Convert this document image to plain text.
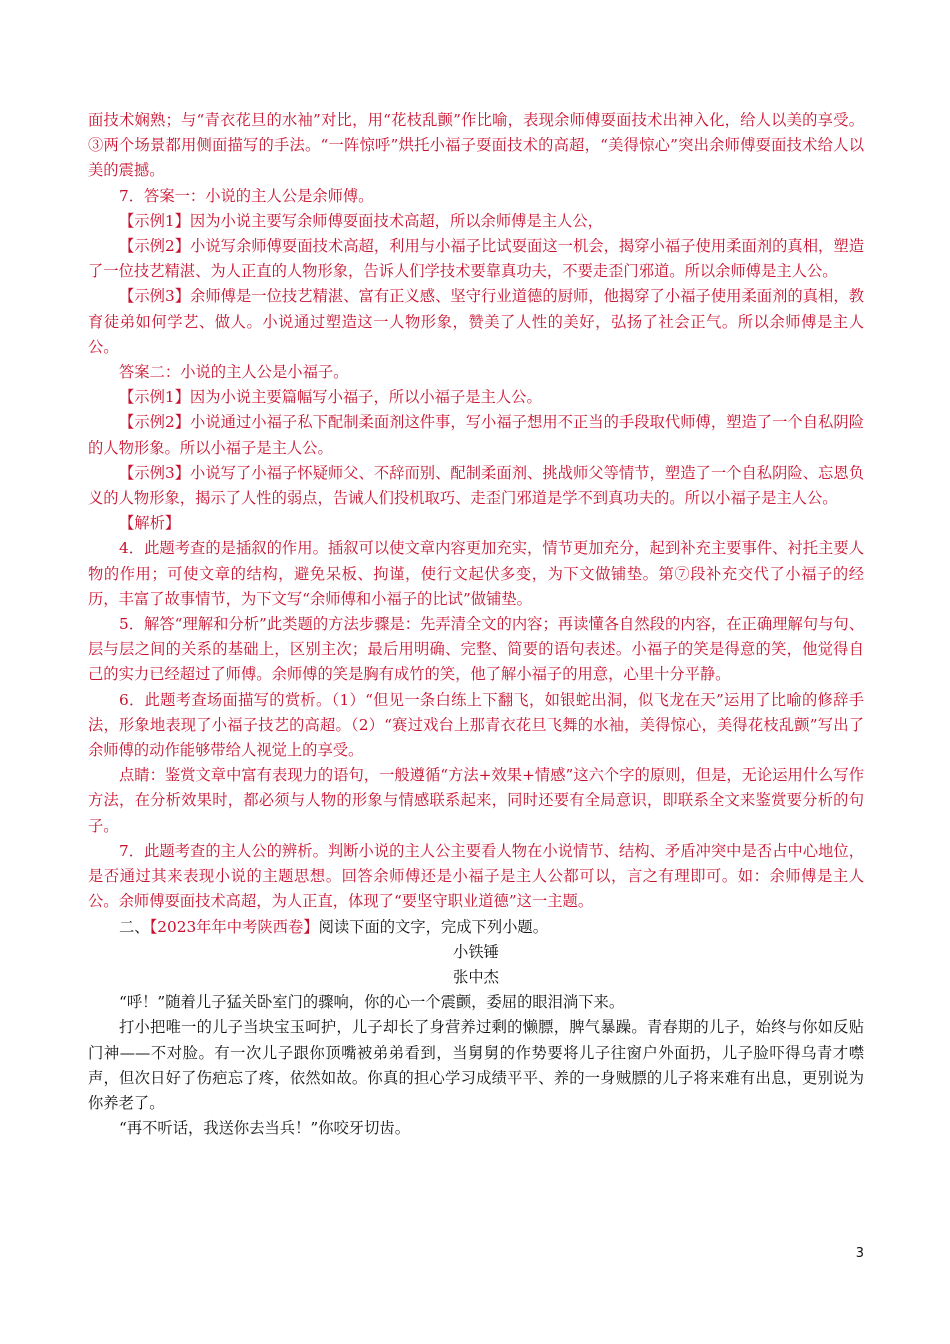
面技术娴熟；与“青衣花旦的水袖”对比，用“花枝乱颤”作比喻，表现余师傅耍面技术出神入化，给人以美的享受。③两个场景都用侧面描写的手法。“一阵惊呼”烘托小福子耍面技术的高超，“美得惊心”突出余师傅耍面技术给人以美的震撼。

7．答案一：小说的主人公是余师傅。

【示例1】因为小说主要写余师傅耍面技术高超，所以余师傅是主人公，

【示例2】小说写余师傅耍面技术高超，利用与小福子比试耍面这一机会，揭穿小福子使用柔面剂的真相，塑造了一位技艺精湛、为人正直的人物形象，告诉人们学技术要靠真功夫，不要走歪门邪道。所以余师傅是主人公。

【示例3】余师傅是一位技艺精湛、富有正义感、坚守行业道德的厨师，他揭穿了小福子使用柔面剂的真相，教育徒弟如何学艺、做人。小说通过塑造这一人物形象，赞美了人性的美好，弘扬了社会正气。所以余师傅是主人公。

答案二：小说的主人公是小福子。

【示例1】因为小说主要篇幅写小福子，所以小福子是主人公。

【示例2】小说通过小福子私下配制柔面剂这件事，写小福子想用不正当的手段取代师傅，塑造了一个自私阴险的人物形象。所以小福子是主人公。

【示例3】小说写了小福子怀疑师父、不辞而别、配制柔面剂、挑战师父等情节，塑造了一个自私阴险、忘恩负义的人物形象，揭示了人性的弱点，告诫人们投机取巧、走歪门邪道是学不到真功夫的。所以小福子是主人公。

【解析】

4．此题考查的是插叙的作用。插叙可以使文章内容更加充实，情节更加充分，起到补充主要事件、衬托主要人物的作用；可使文章的结构，避免呆板、拘谨，使行文起伏多变，为下文做铺垫。第⑦段补充交代了小福子的经历，丰富了故事情节，为下文写“余师傅和小福子的比试”做铺垫。

5．解答“理解和分析”此类题的方法步骤是：先弄清全文的内容；再读懂各自然段的内容，在正确理解句与句、层与层之间的关系的基础上，区别主次；最后用明确、完整、简要的语句表述。小福子的笑是得意的笑，他觉得自己的实力已经超过了师傅。余师傅的笑是胸有成竹的笑，他了解小福子的用意，心里十分平静。

6．此题考查场面描写的赏析。（1）“但见一条白练上下翻飞，如银蛇出洞，似飞龙在天”运用了比喻的修辞手法，形象地表现了小福子技艺的高超。（2）“赛过戏台上那青衣花旦飞舞的水袖，美得惊心，美得花枝乱颤”写出了余师傅的动作能够带给人视觉上的享受。

点睛：鉴赏文章中富有表现力的语句，一般遵循“方法+效果+情感”这六个字的原则，但是，无论运用什么写作方法，在分析效果时，都必须与人物的形象与情感联系起来，同时还要有全局意识，即联系全文来鉴赏要分析的句子。

7．此题考查的主人公的辨析。判断小说的主人公主要看人物在小说情节、结构、矛盾冲突中是否占中心地位，是否通过其来表现小说的主题思想。回答余师傅还是小福子是主人公都可以，言之有理即可。如：余师傅是主人公。余师傅耍面技术高超，为人正直，体现了“要坚守职业道德”这一主题。

二、【2023年年中考陕西卷】阅读下面的文字，完成下列小题。

小铁锤

张中杰

“呼！”随着儿子猛关卧室门的骤响，你的心一个震颤，委屈的眼泪淌下来。

打小把唯一的儿子当块宝玉呵护，儿子却长了身营养过剩的懒膘，脾气暴躁。青春期的儿子，始终与你如反贴门神——不对脸。有一次儿子跟你顶嘴被弟弟看到，当舅舅的作势要将儿子往窗户外面扔，儿子脸吓得乌青才噤声，但次日好了伤疤忘了疼，依然如故。你真的担心学习成绩平平、养的一身贼膘的儿子将来难有出息，更别说为你养老了。

“再不听话，我送你去当兵！”你咬牙切齿。

3
